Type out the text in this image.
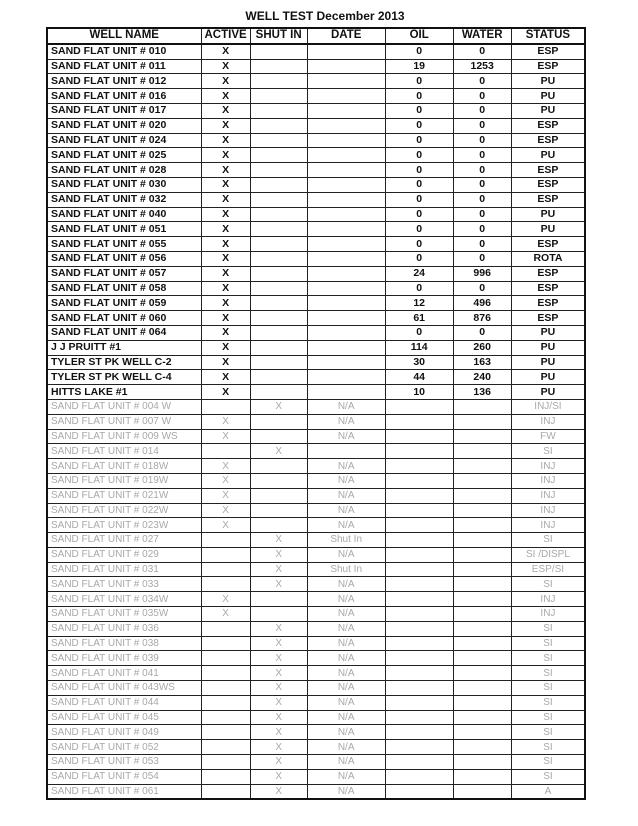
WELL TEST December 2013
WELL NAME	ACTIVE	SHUT IN	DATE	OIL	WATER	STATUS
SAND FLAT UNIT # 010	X			0	0	ESP
SAND FLAT UNIT # 011	X			19	1253	ESP
SAND FLAT UNIT # 012	X			0	0	PU
SAND FLAT UNIT # 016	X			0	0	PU
SAND FLAT UNIT # 017	X			0	0	PU
SAND FLAT UNIT # 020	X			0	0	ESP
SAND FLAT UNIT # 024	X			0	0	ESP
SAND FLAT UNIT # 025	X			0	0	PU
SAND FLAT UNIT # 028	X			0	0	ESP
SAND FLAT UNIT # 030	X			0	0	ESP
SAND FLAT UNIT # 032	X			0	0	ESP
SAND FLAT UNIT # 040	X			0	0	PU
SAND FLAT UNIT # 051	X			0	0	PU
SAND FLAT UNIT # 055	X			0	0	ESP
SAND FLAT UNIT # 056	X			0	0	ROTA
SAND FLAT UNIT # 057	X			24	996	ESP
SAND FLAT UNIT # 058	X			0	0	ESP
SAND FLAT UNIT # 059	X			12	496	ESP
SAND FLAT UNIT # 060	X			61	876	ESP
SAND FLAT UNIT # 064	X			0	0	PU
J J PRUITT #1	X			114	260	PU
TYLER ST PK WELL C-2	X			30	163	PU
TYLER ST PK WELL C-4	X			44	240	PU
HITTS LAKE #1	X			10	136	PU
SAND FLAT UNIT # 004 W		X	N/A			INJ/SI
SAND FLAT UNIT # 007 W	X		N/A			INJ
SAND FLAT UNIT # 009 WS	X		N/A			FW
SAND FLAT UNIT # 014		X				SI
SAND FLAT UNIT # 018W	X		N/A			INJ
SAND FLAT UNIT # 019W	X		N/A			INJ
SAND FLAT UNIT # 021W	X		N/A			INJ
SAND FLAT UNIT # 022W	X		N/A			INJ
SAND FLAT UNIT # 023W	X		N/A			INJ
SAND FLAT UNIT # 027		X	Shut In			SI
SAND FLAT UNIT # 029		X	N/A			SI /DISPL
SAND FLAT UNIT # 031		X	Shut In			ESP/SI
SAND FLAT UNIT # 033		X	N/A			SI
SAND FLAT UNIT # 034W	X		N/A			INJ
SAND FLAT UNIT # 035W	X		N/A			INJ
SAND FLAT UNIT # 036		X	N/A			SI
SAND FLAT UNIT # 038		X	N/A			SI
SAND FLAT UNIT # 039		X	N/A			SI
SAND FLAT UNIT # 041		X	N/A			SI
SAND FLAT UNIT # 043WS		X	N/A			SI
SAND FLAT UNIT # 044		X	N/A			SI
SAND FLAT UNIT # 045		X	N/A			SI
SAND FLAT UNIT # 049		X	N/A			SI
SAND FLAT UNIT # 052		X	N/A			SI
SAND FLAT UNIT # 053		X	N/A			SI
SAND FLAT UNIT # 054		X	N/A			SI
SAND FLAT UNIT # 061		X	N/A			A
